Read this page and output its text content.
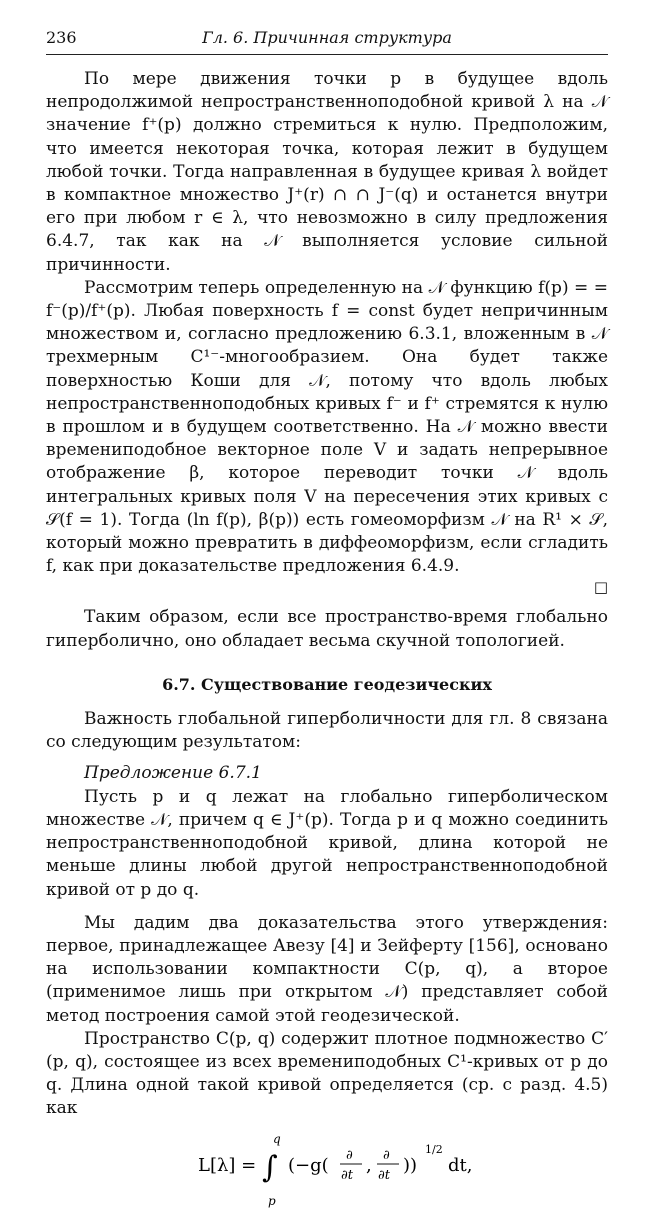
236	Гл. 6. Причинная структура

По мере движения точки p в будущее вдоль непродолжимой непространственноподобной кривой λ на 𝒩 значение f⁺(p) должно стремиться к нулю. Предположим, что имеется некоторая точка, которая лежит в будущем любой точки. Тогда направленная в будущее кривая λ войдет в компактное множество J⁺(r) ∩ ∩ J⁻(q) и останется внутри его при любом r ∈ λ, что невозможно в силу предложения 6.4.7, так как на 𝒩 выполняется условие сильной причинности.

Рассмотрим теперь определенную на 𝒩 функцию f(p) = = f⁻(p)/f⁺(p). Любая поверхность f = const будет непричинным множеством и, согласно предложению 6.3.1, вложенным в 𝒩 трехмерным C¹⁻-многообразием. Она будет также поверхностью Коши для 𝒩, потому что вдоль любых непространственноподобных кривых f⁻ и f⁺ стремятся к нулю в прошлом и в будущем соответственно. На 𝒩 можно ввести времениподобное векторное поле V и задать непрерывное отображение β, которое переводит точки 𝒩 вдоль интегральных кривых поля V на пересечения этих кривых с 𝒮(f = 1). Тогда (ln f(p), β(p)) есть гомеоморфизм 𝒩 на R¹ × 𝒮, который можно превратить в диффеоморфизм, если сгладить f, как при доказательстве предложения 6.4.9.

□

Таким образом, если все пространство-время глобально гиперболично, оно обладает весьма скучной топологией.

6.7. Существование геодезических

Важность глобальной гиперболичности для гл. 8 связана со следующим результатом:

Предложение 6.7.1

Пусть p и q лежат на глобально гиперболическом множестве 𝒩, причем q ∈ J⁺(p). Тогда p и q можно соединить непространственноподобной кривой, длина которой не меньше длины любой другой непространственноподобной кривой от p до q.

Мы дадим два доказательства этого утверждения: первое, принадлежащее Авезу [4] и Зейферту [156], основано на использовании компактности C(p, q), а второе (применимое лишь при открытом 𝒩) представляет собой метод построения самой этой геодезической.

Пространство C(p, q) содержит плотное подмножество C′(p, q), состоящее из всех времениподобных C¹-кривых от p до q. Длина одной такой кривой определяется (ср. с разд. 4.5) как

L[λ] = ∫
q
p
(−g( ∂
∂t , ∂
∂t ))
1/2
dt,
